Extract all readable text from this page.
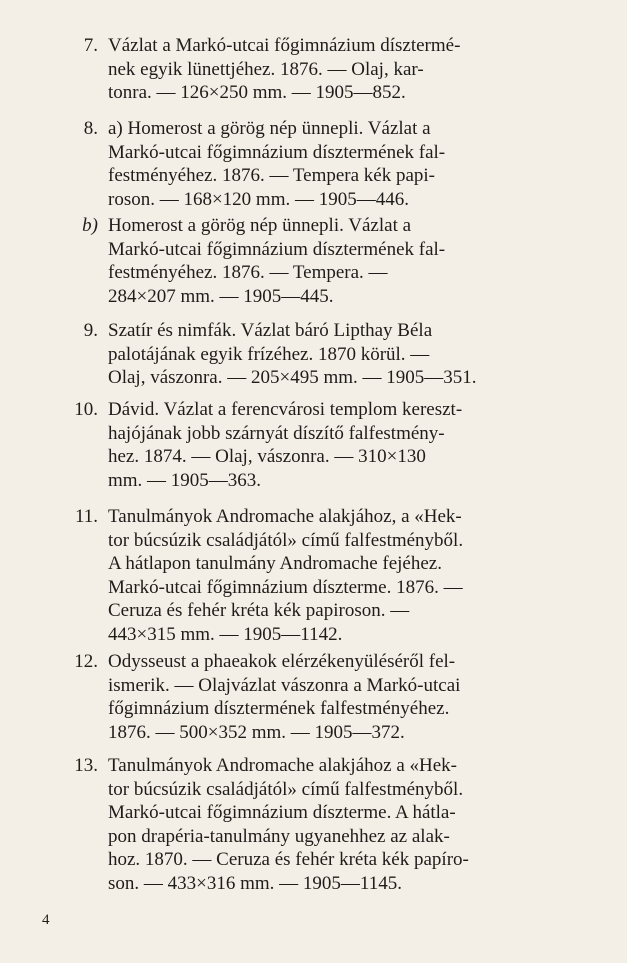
7. Vázlat a Markó-utcai főgimnázium dísztermé-
nek egyik lünettjéhez. 1876. — Olaj, kar-
tonra. — 126×250 mm. — 1905—852.
8. a) Homerost a görög nép ünnepli. Vázlat a
Markó-utcai főgimnázium dísztermének fal-
festményéhez. 1876. — Tempera kék papi-
roson. — 168×120 mm. — 1905—446.
b) Homerost a görög nép ünnepli. Vázlat a
Markó-utcai főgimnázium dísztermének fal-
festményéhez. 1876. — Tempera. —
284×207 mm. — 1905—445.
9. Szatír és nimfák. Vázlat báró Lipthay Béla
palotájának egyik frízéhez. 1870 körül. —
Olaj, vászonra. — 205×495 mm. — 1905—351.
10. Dávid. Vázlat a ferencvárosi templom kereszt-
hajójának jobb szárnyát díszítő falfestmény-
hez. 1874. — Olaj, vászonra. — 310×130
mm. — 1905—363.
11. Tanulmányok Andromache alakjához, a «Hek-
tor búcsúzik családjától» című falfestményből.
A hátlapon tanulmány Andromache fejéhez.
Markó-utcai főgimnázium díszterme. 1876. —
Ceruza és fehér kréta kék papiroson. —
443×315 mm. — 1905—1142.
12. Odysseust a phaeakok elérzékenyüléséről fel-
ismerik. — Olajvázlat vászonra a Markó-utcai
főgimnázium dísztermének falfestményéhez.
1876. — 500×352 mm. — 1905—372.
13. Tanulmányok Andromache alakjához a «Hek-
tor búcsúzik családjától» című falfestményből.
Markó-utcai főgimnázium díszterme. A hátla-
pon drapéria-tanulmány ugyanehhez az alak-
hoz. 1870. — Ceruza és fehér kréta kék papíro-
son. — 433×316 mm. — 1905—1145.
4
